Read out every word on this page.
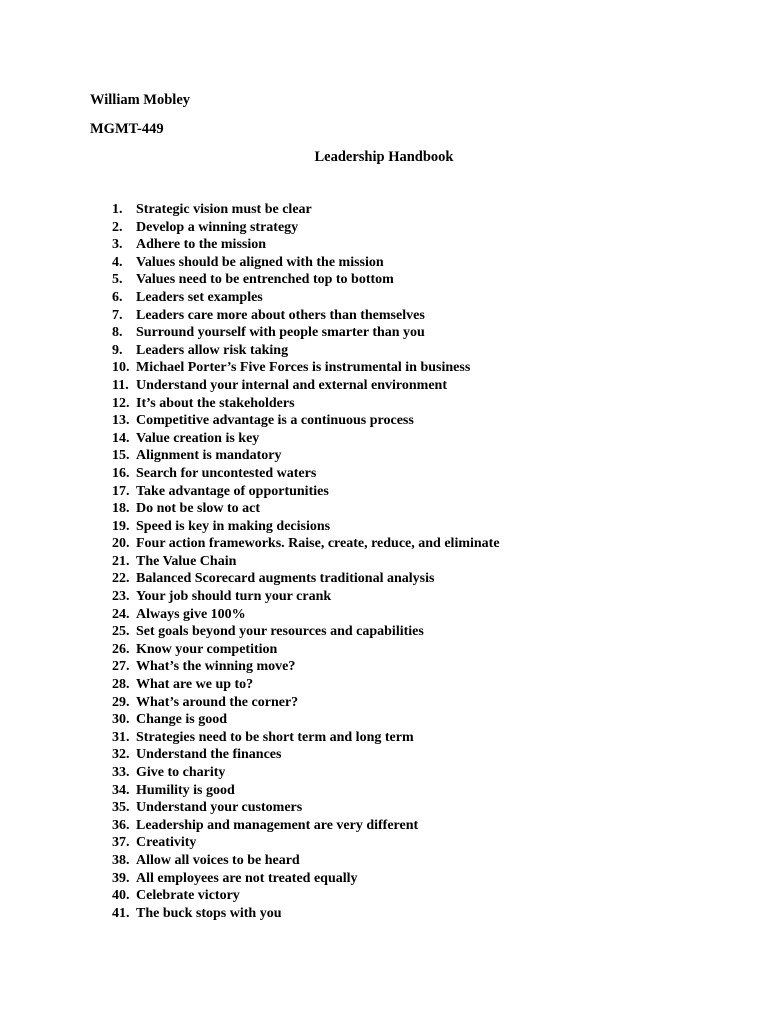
William Mobley
MGMT-449
Leadership Handbook
1. Strategic vision must be clear
2. Develop a winning strategy
3. Adhere to the mission
4. Values should be aligned with the mission
5. Values need to be entrenched top to bottom
6. Leaders set examples
7. Leaders care more about others than themselves
8. Surround yourself with people smarter than you
9. Leaders allow risk taking
10. Michael Porter’s Five Forces is instrumental in business
11. Understand your internal and external environment
12. It’s about the stakeholders
13. Competitive advantage is a continuous process
14. Value creation is key
15. Alignment is mandatory
16. Search for uncontested waters
17. Take advantage of opportunities
18. Do not be slow to act
19. Speed is key in making decisions
20. Four action frameworks. Raise, create, reduce, and eliminate
21. The Value Chain
22. Balanced Scorecard augments traditional analysis
23. Your job should turn your crank
24. Always give 100%
25. Set goals beyond your resources and capabilities
26. Know your competition
27. What’s the winning move?
28. What are we up to?
29. What’s around the corner?
30. Change is good
31. Strategies need to be short term and long term
32. Understand the finances
33. Give to charity
34. Humility is good
35. Understand your customers
36. Leadership and management are very different
37. Creativity
38. Allow all voices to be heard
39. All employees are not treated equally
40. Celebrate victory
41. The buck stops with you
